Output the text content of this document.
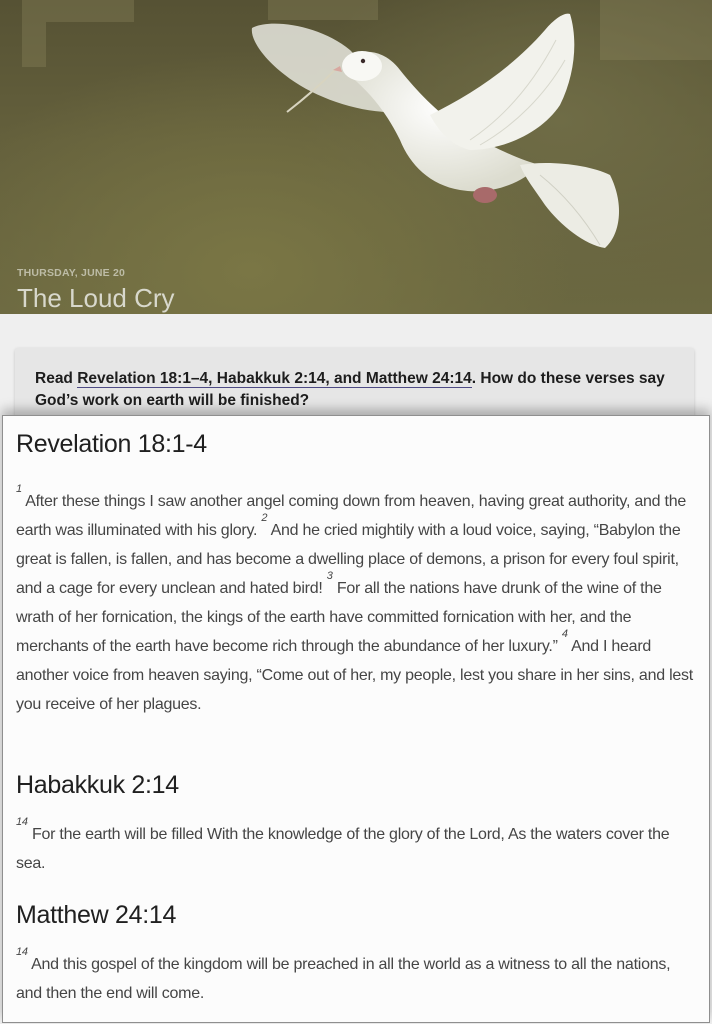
THURSDAY, JUNE 20
The Loud Cry
Read Revelation 18:1–4, Habakkuk 2:14, and Matthew 24:14. How do these verses say God’s work on earth will be finished?
Revelation 18:1-4

$^1$ After these things I saw another angel coming down from heaven, having great authority, and the earth was illuminated with his glory. $^2$ And he cried mightily with a loud voice, saying, “Babylon the great is fallen, is fallen, and has become a dwelling place of demons, a prison for every foul spirit, and a cage for every unclean and hated bird! $^3$ For all the nations have drunk of the wine of the wrath of her fornication, the kings of the earth have committed fornication with her, and the merchants of the earth have become rich through the abundance of her luxury.” $^4$ And I heard another voice from heaven saying, “Come out of her, my people, lest you share in her sins, and lest you receive of her plagues.

Habakkuk 2:14

$^{14}$ For the earth will be filled With the knowledge of the glory of the Lord, As the waters cover the sea.

Matthew 24:14

$^{14}$ And this gospel of the kingdom will be preached in all the world as a witness to all the nations, and then the end will come.
